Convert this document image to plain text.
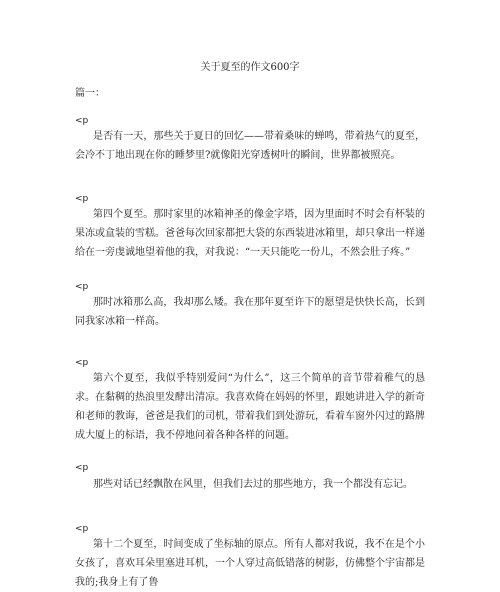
关于夏至的作文600字
篇一：
<p
是否有一天，那些关于夏日的回忆——带着桑味的蝉鸣，带着热气的夏至，会冷不丁地出现在你的睡梦里?就像阳光穿透树叶的瞬间，世界都被照亮。
<p
第四个夏至。那时家里的冰箱神圣的像金字塔，因为里面时不时会有杯装的果冻或盒装的雪糕。爸爸每次回家都把大袋的东西装进冰箱里，却只拿出一样递给在一旁虔诚地望着他的我，对我说：“一天只能吃一份儿，不然会肚子疼。”
<p
那时冰箱那么高，我却那么矮。我在那年夏至许下的愿望是快快长高，长到同我家冰箱一样高。
<p
第六个夏至，我似乎特别爱问“为什么”，这三个简单的音节带着稚气的恳求。在黏稠的热浪里发酵出清凉。我喜欢倚在妈妈的怀里，跟她讲进入学的新奇和老师的教诲，爸爸是我们的司机，带着我们到处游玩，看着车窗外闪过的路牌成大厦上的标语，我不停地问着各种各样的问题。
<p
那些对话已经飘散在风里，但我们去过的那些地方，我一个都没有忘记。
<p
第十二个夏至，时间变成了坐标轴的原点。所有人都对我说，我不在是个小女孩了，喜欢耳朵里塞进耳机，一个人穿过高低错落的树影，仿佛整个宇宙都是我的;我身上有了鲁
